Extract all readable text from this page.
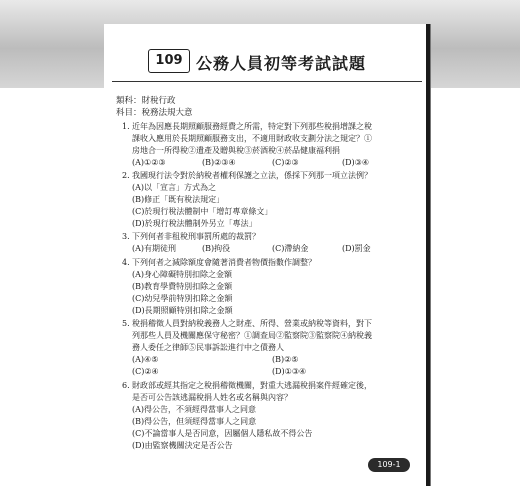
109 公務人員初等考試試題
類科：財稅行政
科目：稅務法規大意
1. 近年為因應長期照顧服務經費之所需，特定對下列那些稅捐增課之稅
課收入應用於長期照顧服務支出，不適用財政收支劃分法之規定？①
房地合一所得稅②遺產及贈與稅③菸酒稅④菸品健康福利捐
(A)①②③	(B)②③④	(C)②③	(D)③④
2. 我國現行法令對於納稅者權利保護之立法，係採下列那一項立法例？
(A)以「宣言」方式為之
(B)修正「既有稅法規定」
(C)於現行稅法體制中「增訂專章條文」
(D)於現行稅法體制外另立「專法」
3. 下列何者非租稅刑事罰所處的裁罰？
(A)有期徒刑	(B)拘役	(C)滯納金	(D)罰金
4. 下列何者之減除額度會隨著消費者物價指數作調整？
(A)身心障礙特別扣除之金額
(B)教育學費特別扣除之金額
(C)幼兒學前特別扣除之金額
(D)長期照顧特別扣除之金額
5. 稅捐稽徵人員對納稅義務人之財產、所得、營業或納稅等資料，對下
列那些人員及機關應保守秘密？①調查局②監察院③監察院④納稅義
務人委任之律師⑤民事訴訟進行中之債務人
(A)④⑤	(B)②⑤
(C)②④	(D)①③④
6. 財政部或經其指定之稅捐稽徵機關，對重大逃漏稅捐案件經確定後，
是否可公告該逃漏稅捐人姓名或名稱與內容？
(A)得公告，不須經得當事人之同意
(B)得公告，但須經得當事人之同意
(C)不論當事人是否同意，因屬個人隱私故不得公告
(D)由監察機關決定是否公告
109-1
